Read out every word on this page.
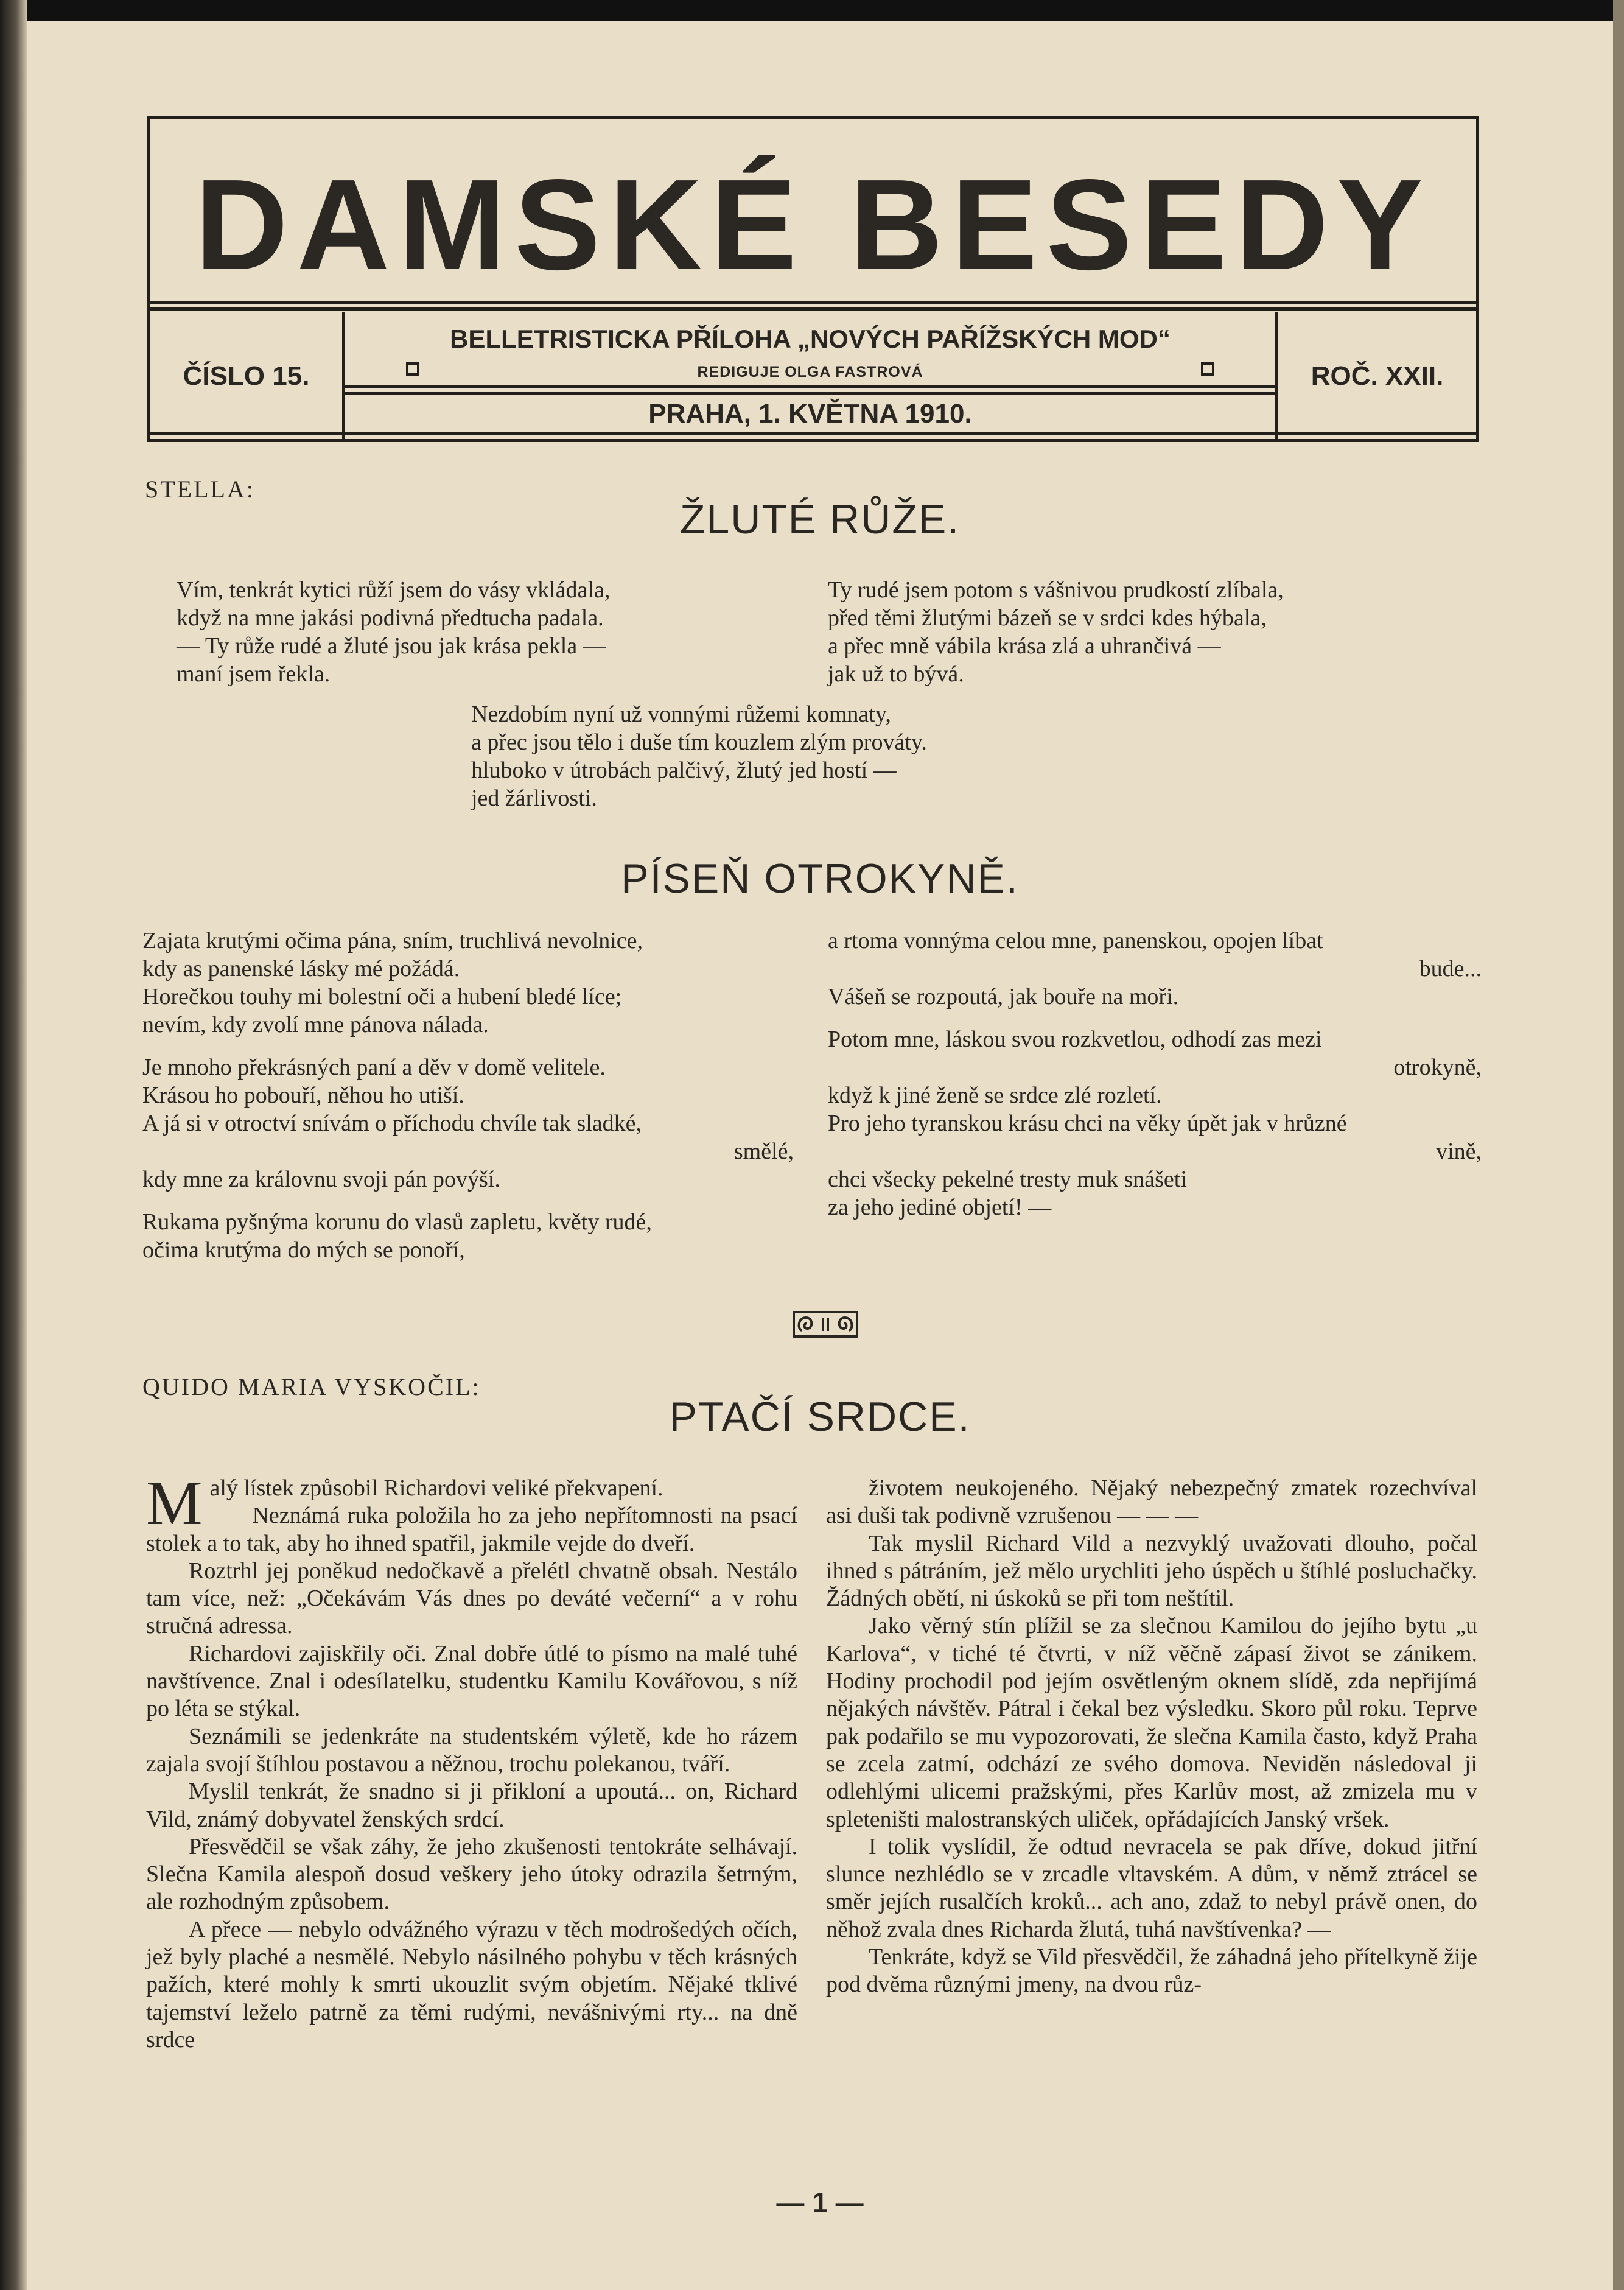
DAMSKÉ BESEDY
ČÍSLO 15.	ROČ. XXII.
BELLETRISTICKA PŘÍLOHA „NOVÝCH PAŘÍŽSKÝCH MOD“
REDIGUJE OLGA FASTROVÁ
PRAHA, 1. KVĚTNA 1910.
STELLA:
ŽLUTÉ RŮŽE.
Vím, tenkrát kytici růží jsem do vásy vkládala,
když na mne jakási podivná předtucha padala.
— Ty růže rudé a žluté jsou jak krása pekla —
maní jsem řekla.
Ty rudé jsem potom s vášnivou prudkostí zlíbala,
před těmi žlutými bázeň se v srdci kdes hýbala,
a přec mně vábila krása zlá a uhrančivá —
jak už to bývá.
Nezdobím nyní už vonnými růžemi komnaty,
a přec jsou tělo i duše tím kouzlem zlým prováty.
hluboko v útrobách palčivý, žlutý jed hostí —
jed žárlivosti.
PÍSEŇ OTROKYNĚ.
Zajata krutými očima pána, sním, truchlivá nevolnice,
kdy as panenské lásky mé požádá.
Horečkou touhy mi bolestní oči a hubení bledé líce;
nevím, kdy zvolí mne pánova nálada.
Je mnoho překrásných paní a děv v domě velitele.
Krásou ho pobouří, něhou ho utiší.
A já si v otroctví snívám o příchodu chvíle tak sladké,
smělé,
kdy mne za královnu svoji pán povýší.
Rukama pyšnýma korunu do vlasů zapletu, květy rudé,
očima krutýma do mých se ponoří,
a rtoma vonnýma celou mne, panenskou, opojen líbat
bude...
Vášeň se rozpoutá, jak bouře na moři.
Potom mne, láskou svou rozkvetlou, odhodí zas mezi
otrokyně,
když k jiné ženě se srdce zlé rozletí.
Pro jeho tyranskou krásu chci na věky úpět jak v hrůzné
vině,
chci všecky pekelné tresty muk snášeti
za jeho jediné objetí! —
QUIDO MARIA VYSKOČIL:
PTAČÍ SRDCE.

Malý lístek způsobil Richardovi veliké překvapení.

Neznámá ruka položila ho za jeho nepřítomnosti na psací stolek a to tak, aby ho ihned spatřil, jakmile vejde do dveří.

Roztrhl jej poněkud nedočkavě a přelétl chvatně obsah. Nestálo tam více, než: „Očekávám Vás dnes po deváté večerní“ a v rohu stručná adressa.

Richardovi zajiskřily oči. Znal dobře útlé to písmo na malé tuhé navštívence. Znal i odesílatelku, studentku Kamilu Kovářovou, s níž po léta se stýkal.

Seznámili se jedenkráte na studentském výletě, kde ho rázem zajala svojí štíhlou postavou a něžnou, trochu polekanou, tváří.

Myslil tenkrát, že snadno si ji přikloní a upoutá... on, Richard Vild, známý dobyvatel ženských srdcí.

Přesvědčil se však záhy, že jeho zkušenosti tentokráte selhávají. Slečna Kamila alespoň dosud veškery jeho útoky odrazila šetrným, ale rozhodným způsobem.

A přece — nebylo odvážného výrazu v těch modrošedých očích, jež byly plaché a nesmělé. Nebylo násilného pohybu v těch krásných pažích, které mohly k smrti ukouzlit svým objetím. Nějaké tklivé tajemství leželo patrně za těmi rudými, nevášnivými rty... na dně srdce

životem neukojeného. Nějaký nebezpečný zmatek rozechvíval asi duši tak podivně vzrušenou — — —

Tak myslil Richard Vild a nezvyklý uvažovati dlouho, počal ihned s pátráním, jež mělo urychliti jeho úspěch u štíhlé posluchačky. Žádných obětí, ni úskoků se při tom neštítil.

Jako věrný stín plížil se za slečnou Kamilou do jejího bytu „u Karlova“, v tiché té čtvrti, v níž věčně zápasí život se zánikem. Hodiny prochodil pod jejím osvětleným oknem slídě, zda nepřijímá nějakých návštěv. Pátral i čekal bez výsledku. Skoro půl roku. Teprve pak podařilo se mu vypozorovati, že slečna Kamila často, když Praha se zcela zatmí, odchází ze svého domova. Neviděn následoval ji odlehlými ulicemi pražskými, přes Karlův most, až zmizela mu v spleteništi malostranských uliček, opřádajících Janský vršek.

I tolik vyslídil, že odtud nevracela se pak dříve, dokud jitřní slunce nezhlédlo se v zrcadle vltavském. A dům, v němž ztrácel se směr jejích rusalčích kroků... ach ano, zdaž to nebyl právě onen, do něhož zvala dnes Richarda žlutá, tuhá navštívenka? —

Tenkráte, když se Vild přesvědčil, že záhadná jeho přítelkyně žije pod dvěma různými jmeny, na dvou růz-

— 1 —
